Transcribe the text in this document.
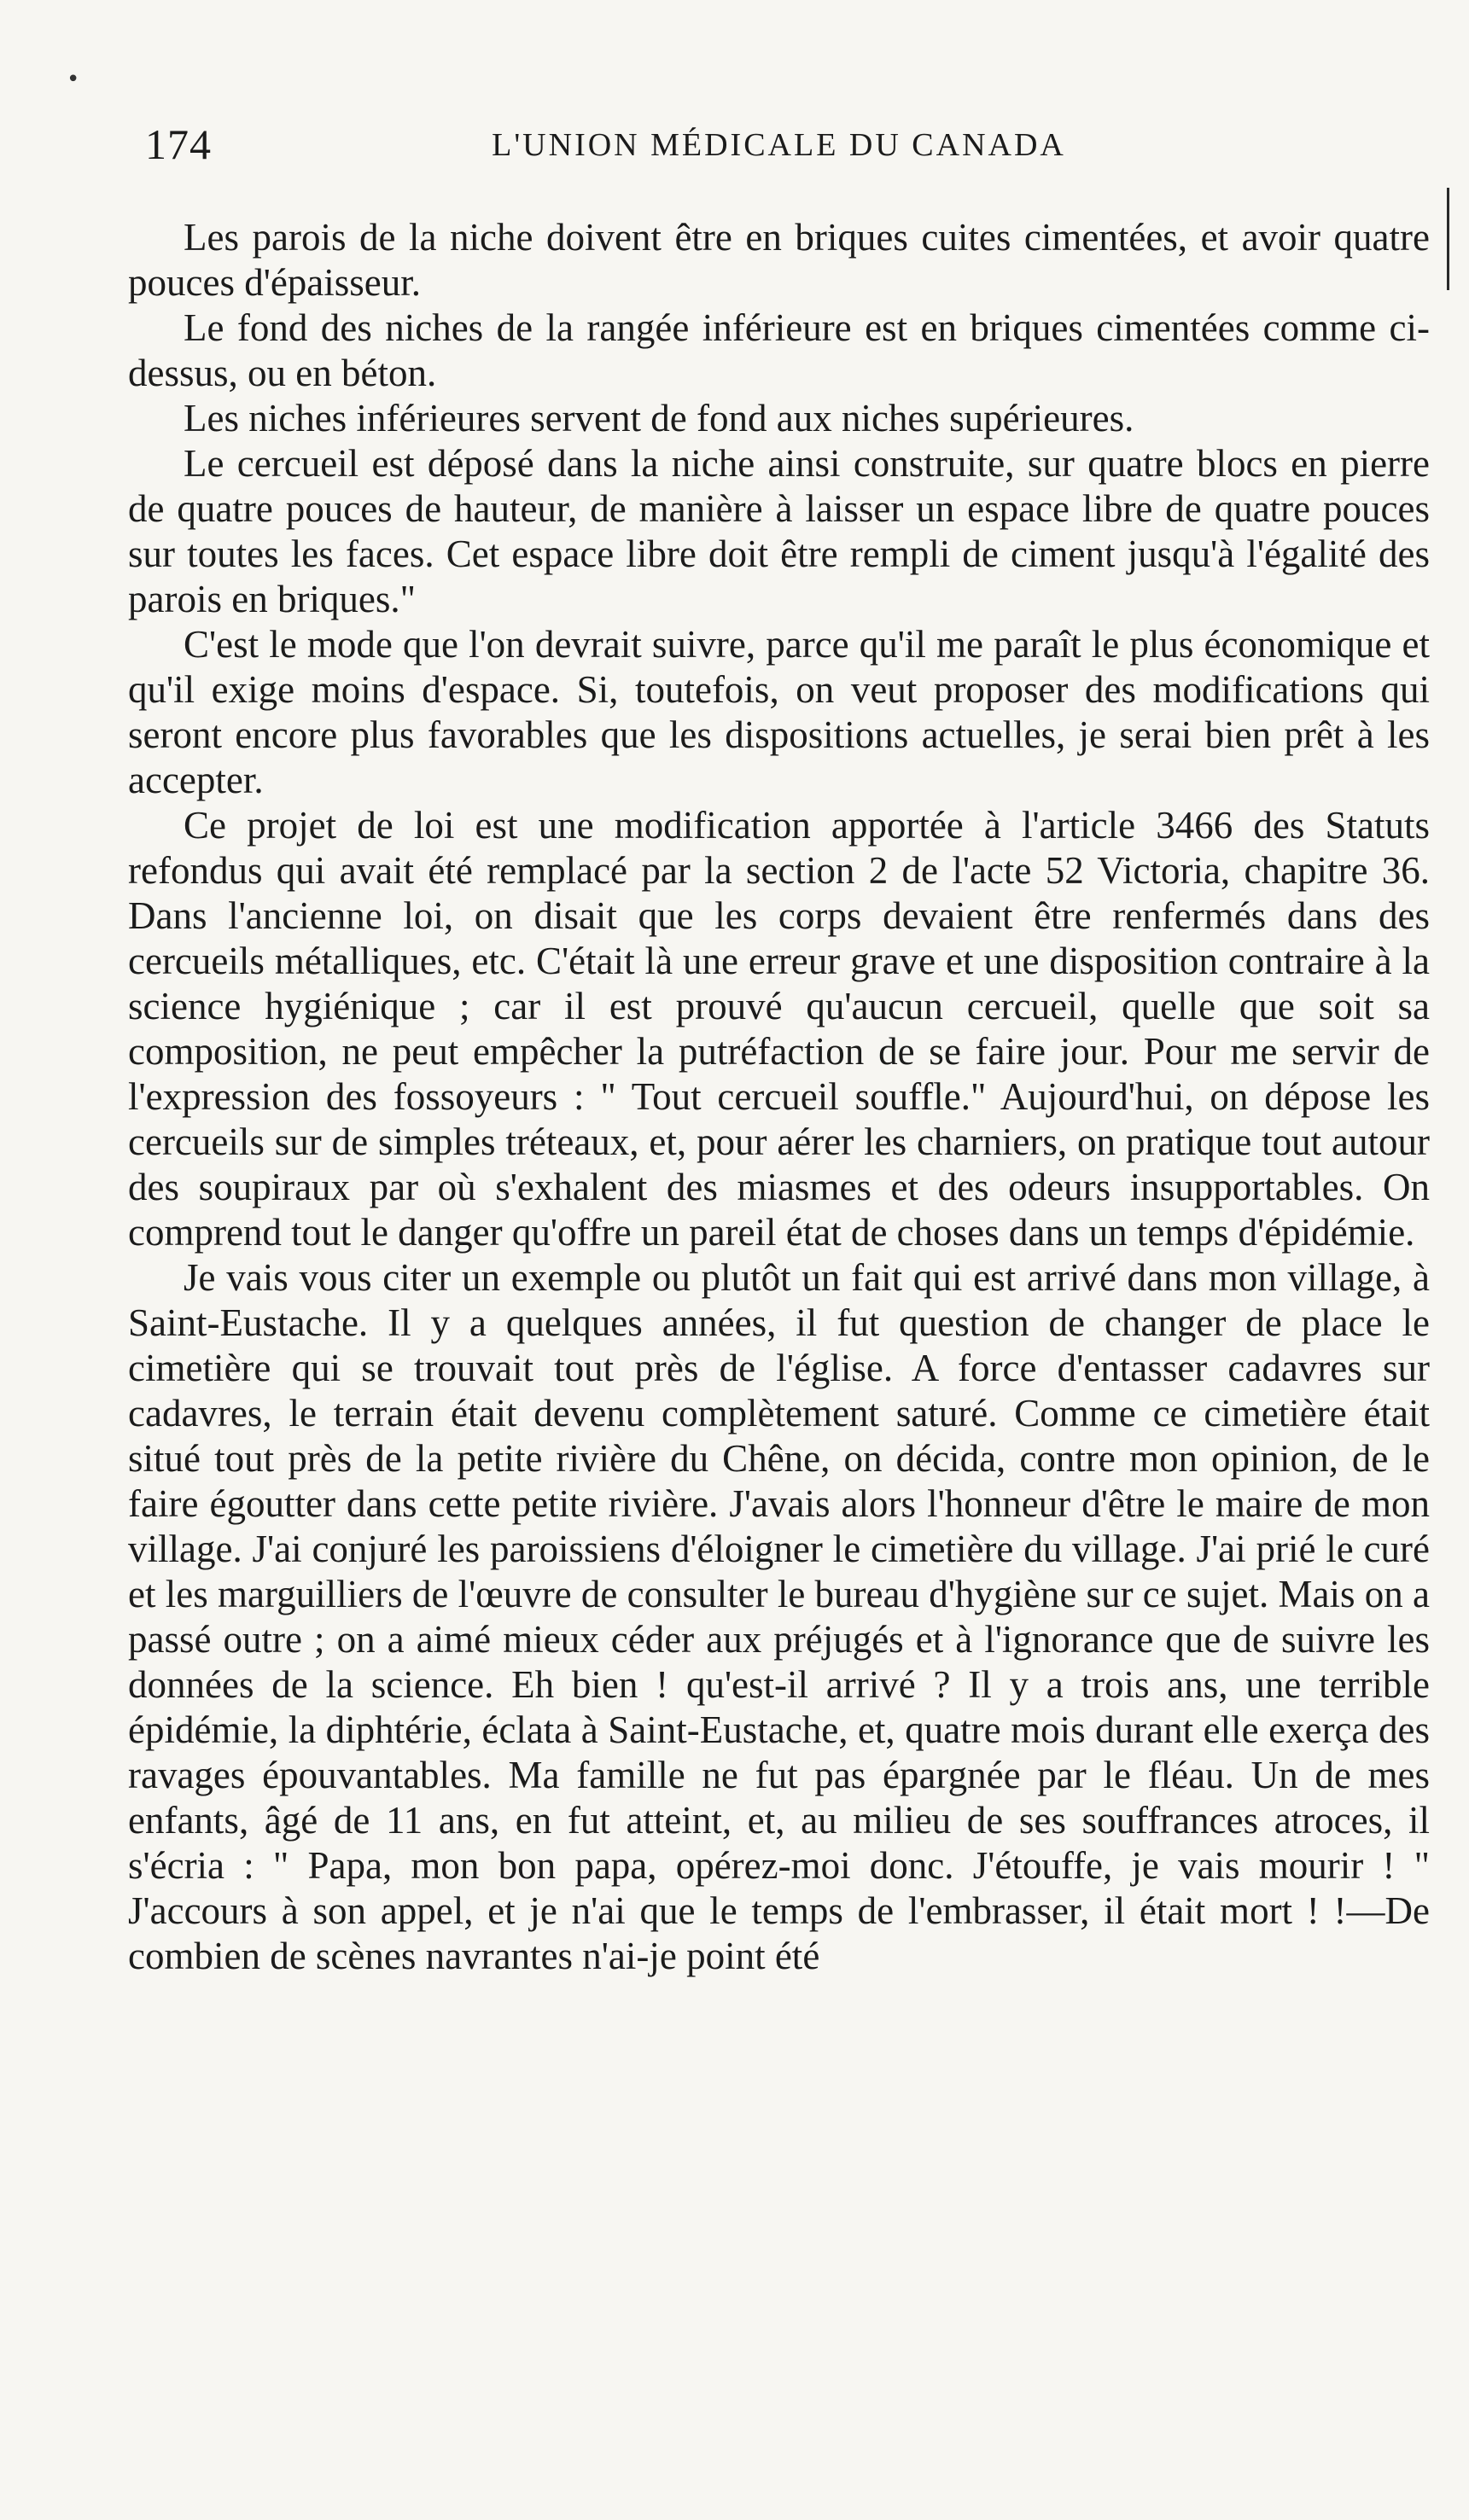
•
174	L'UNION MÉDICALE DU CANADA

Les parois de la niche doivent être en briques cuites cimentées, et avoir quatre pouces d'épaisseur.

Le fond des niches de la rangée inférieure est en briques cimentées comme ci-dessus, ou en béton.

Les niches inférieures servent de fond aux niches supérieures.

Le cercueil est déposé dans la niche ainsi construite, sur quatre blocs en pierre de quatre pouces de hauteur, de manière à laisser un espace libre de quatre pouces sur toutes les faces. Cet espace libre doit être rempli de ciment jusqu'à l'égalité des parois en briques."

C'est le mode que l'on devrait suivre, parce qu'il me paraît le plus économique et qu'il exige moins d'espace. Si, toutefois, on veut proposer des modifications qui seront encore plus favorables que les dispositions actuelles, je serai bien prêt à les accepter.

Ce projet de loi est une modification apportée à l'article 3466 des Statuts refondus qui avait été remplacé par la section 2 de l'acte 52 Victoria, chapitre 36. Dans l'ancienne loi, on disait que les corps devaient être renfermés dans des cercueils métalliques, etc. C'était là une erreur grave et une disposition contraire à la science hygiénique ; car il est prouvé qu'aucun cercueil, quelle que soit sa composition, ne peut empêcher la putréfaction de se faire jour. Pour me servir de l'expression des fossoyeurs : " Tout cercueil souffle." Aujourd'hui, on dépose les cercueils sur de simples tréteaux, et, pour aérer les charniers, on pratique tout autour des soupiraux par où s'exhalent des miasmes et des odeurs insupportables. On comprend tout le danger qu'offre un pareil état de choses dans un temps d'épidémie.

Je vais vous citer un exemple ou plutôt un fait qui est arrivé dans mon village, à Saint-Eustache. Il y a quelques années, il fut question de changer de place le cimetière qui se trouvait tout près de l'église. A force d'entasser cadavres sur cadavres, le terrain était devenu complètement saturé. Comme ce cimetière était situé tout près de la petite rivière du Chêne, on décida, contre mon opinion, de le faire égoutter dans cette petite rivière. J'avais alors l'honneur d'être le maire de mon village. J'ai conjuré les paroissiens d'éloigner le cimetière du village. J'ai prié le curé et les marguilliers de l'œuvre de consulter le bureau d'hygiène sur ce sujet. Mais on a passé outre ; on a aimé mieux céder aux préjugés et à l'ignorance que de suivre les données de la science. Eh bien ! qu'est-il arrivé ? Il y a trois ans, une terrible épidémie, la diphtérie, éclata à Saint-Eustache, et, quatre mois durant elle exerça des ravages épouvantables. Ma famille ne fut pas épargnée par le fléau. Un de mes enfants, âgé de 11 ans, en fut atteint, et, au milieu de ses souffrances atroces, il s'écria : " Papa, mon bon papa, opérez-moi donc. J'étouffe, je vais mourir ! " J'accours à son appel, et je n'ai que le temps de l'embrasser, il était mort ! !—De combien de scènes navrantes n'ai-je point été
